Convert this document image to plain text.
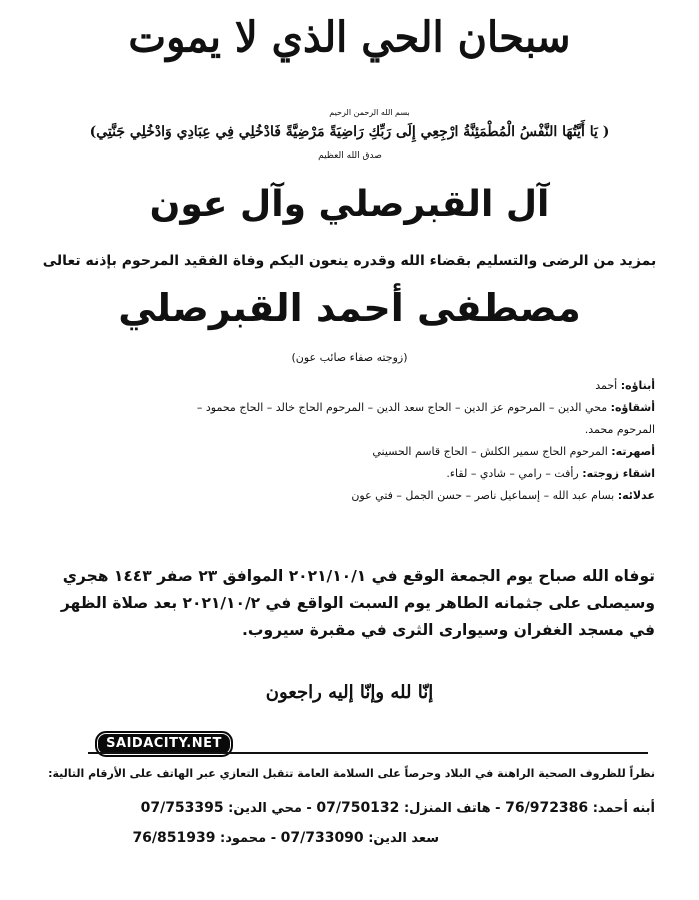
سبحان الحي الذي لا يموت
بسم الله الرحمن الرحيم
( يَا أَيَّتُهَا النَّفْسُ الْمُطْمَئِنَّةُ ارْجِعِي إِلَى رَبِّكِ رَاضِيَةً مَرْضِيَّةً فَادْخُلِي فِي عِبَادِي وَادْخُلِي جَنَّتِي)
صدق الله العظيم
آل القبرصلي وآل عون
بمزيد من الرضى والتسليم بقضاء الله وقدره ينعون اليكم وفاة الفقيد المرحوم بإذنه تعالى
مصطفى أحمد القبرصلي
(زوجته صفاء صائب عون)
أبناؤه: أحمد
أشقاؤه: محي الدين – المرحوم عز الدين – الحاج سعد الدين – المرحوم الحاج خالد – الحاج محمود –
المرحوم محمد.
أصهرته: المرحوم الحاج سمير الكلش – الحاج قاسم الحسيني
اشقاء زوجته: رأفت – رامي – شادي – لقاء.
عدلائه: بسام عبد الله – إسماعيل ناصر – حسن الجمل – فتي عون
توفاه الله صباح يوم الجمعة الوقع في ٢٠٢١/١٠/١ الموافق ٢٣ صفر ١٤٤٣ هجري
وسيصلى على جثمانه الطاهر يوم السبت الواقع في ٢٠٢١/١٠/٢ بعد صلاة الظهر
في مسجد الغفران وسيوارى الثرى في مقبرة سيروب.
إنّا لله وإنّا إليه راجعون
SAIDACITY.NET
نظراً للظروف الصحية الراهنة في البلاد وحرصاً على السلامة العامة تتقبل التعازي عبر الهاتف على الأرقام التالية:
أبنه أحمد: 76/972386 - هاتف المنزل: 07/750132 - محي الدين: 07/753395
سعد الدين: 07/733090 - محمود: 76/851939
